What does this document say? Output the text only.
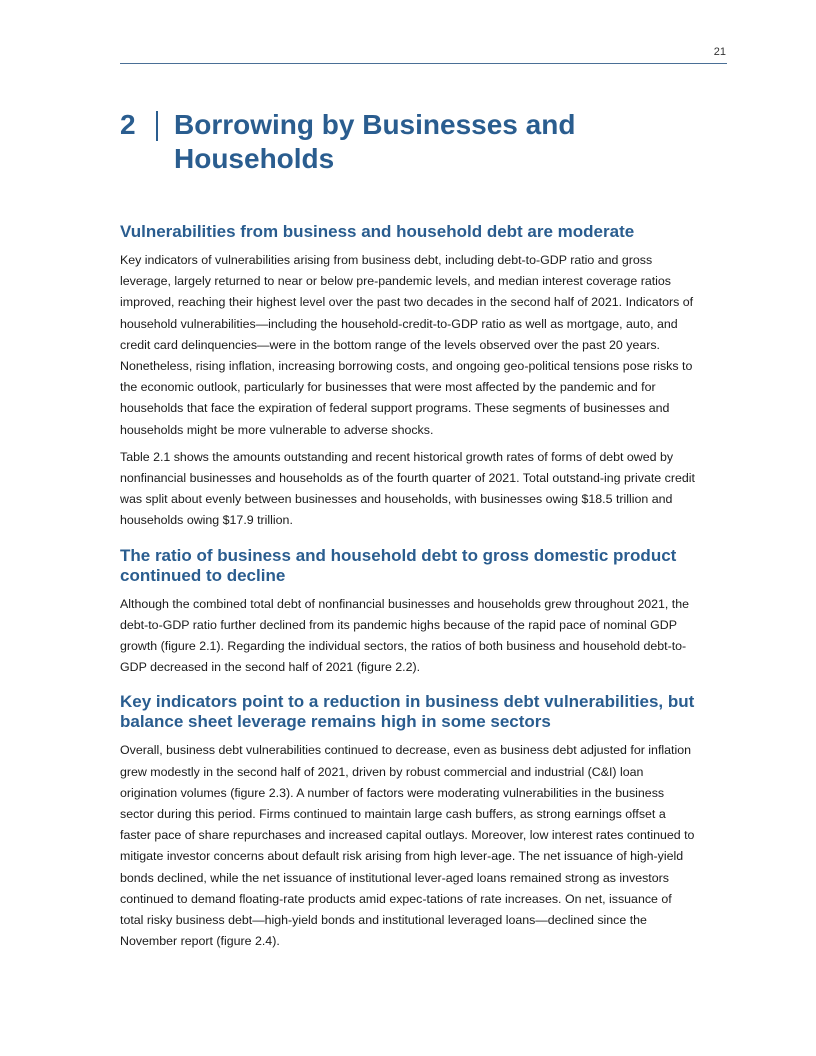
21
2	Borrowing by Businesses and Households
Vulnerabilities from business and household debt are moderate

Key indicators of vulnerabilities arising from business debt, including debt-to-GDP ratio and gross leverage, largely returned to near or below pre-pandemic levels, and median interest coverage ratios improved, reaching their highest level over the past two decades in the second half of 2021. Indicators of household vulnerabilities—including the household-credit-to-GDP ratio as well as mortgage, auto, and credit card delinquencies—were in the bottom range of the levels observed over the past 20 years. Nonetheless, rising inflation, increasing borrowing costs, and ongoing geo-political tensions pose risks to the economic outlook, particularly for businesses that were most affected by the pandemic and for households that face the expiration of federal support programs. These segments of businesses and households might be more vulnerable to adverse shocks.

Table 2.1 shows the amounts outstanding and recent historical growth rates of forms of debt owed by nonfinancial businesses and households as of the fourth quarter of 2021. Total outstand-ing private credit was split about evenly between businesses and households, with businesses owing $18.5 trillion and households owing $17.9 trillion.

The ratio of business and household debt to gross domestic product continued to decline

Although the combined total debt of nonfinancial businesses and households grew throughout 2021, the debt-to-GDP ratio further declined from its pandemic highs because of the rapid pace of nominal GDP growth (figure 2.1). Regarding the individual sectors, the ratios of both business and household debt-to-GDP decreased in the second half of 2021 (figure 2.2).

Key indicators point to a reduction in business debt vulnerabilities, but balance sheet leverage remains high in some sectors

Overall, business debt vulnerabilities continued to decrease, even as business debt adjusted for inflation grew modestly in the second half of 2021, driven by robust commercial and industrial (C&I) loan origination volumes (figure 2.3). A number of factors were moderating vulnerabilities in the business sector during this period. Firms continued to maintain large cash buffers, as strong earnings offset a faster pace of share repurchases and increased capital outlays. Moreover, low interest rates continued to mitigate investor concerns about default risk arising from high lever-age. The net issuance of high-yield bonds declined, while the net issuance of institutional lever-aged loans remained strong as investors continued to demand floating-rate products amid expec-tations of rate increases. On net, issuance of total risky business debt—high-yield bonds and institutional leveraged loans—declined since the November report (figure 2.4).
